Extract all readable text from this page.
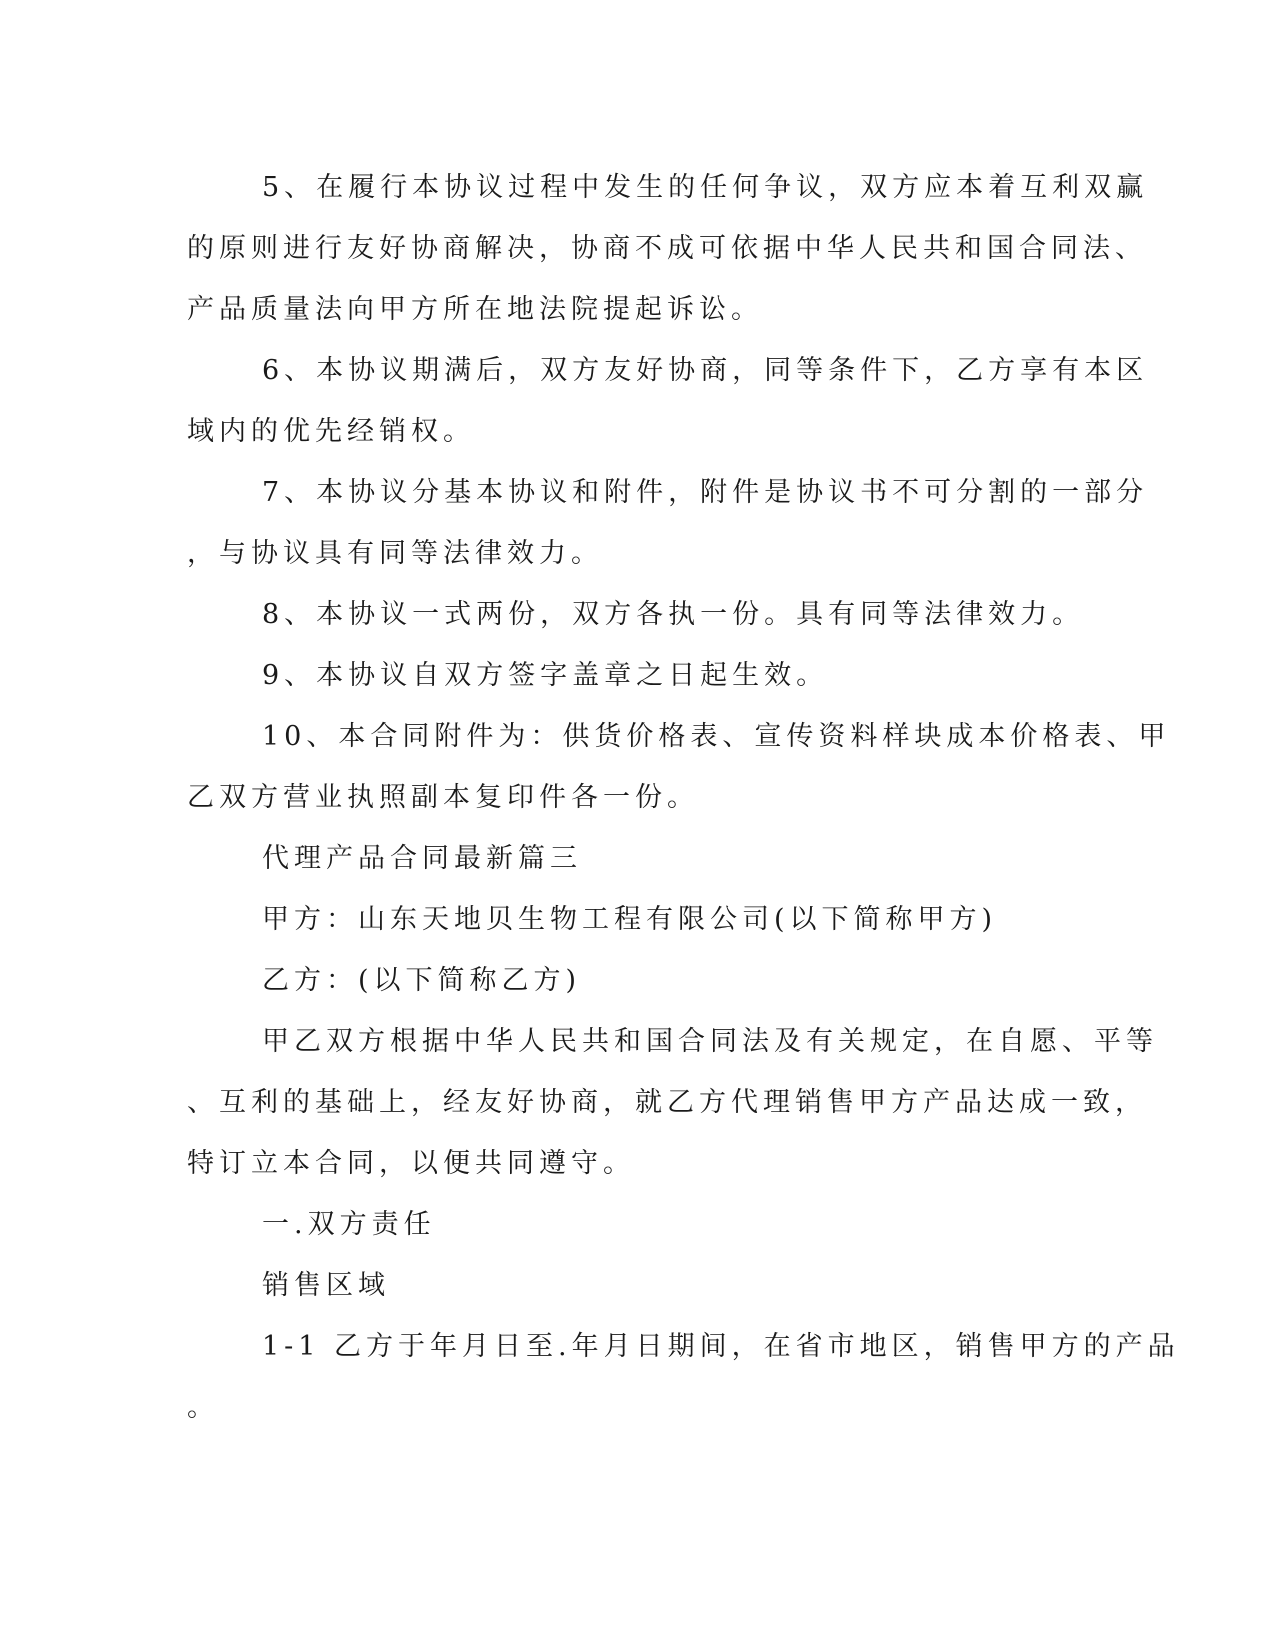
5、在履行本协议过程中发生的任何争议，双方应本着互利双赢

的原则进行友好协商解决，协商不成可依据中华人民共和国合同法、

产品质量法向甲方所在地法院提起诉讼。

6、本协议期满后，双方友好协商，同等条件下，乙方享有本区

域内的优先经销权。

7、本协议分基本协议和附件，附件是协议书不可分割的一部分

，与协议具有同等法律效力。

8、本协议一式两份，双方各执一份。具有同等法律效力。

9、本协议自双方签字盖章之日起生效。

10、本合同附件为：供货价格表、宣传资料样块成本价格表、甲

乙双方营业执照副本复印件各一份。

代理产品合同最新篇三

甲方：山东天地贝生物工程有限公司(以下简称甲方)

乙方：(以下简称乙方)

甲乙双方根据中华人民共和国合同法及有关规定，在自愿、平等

、互利的基础上，经友好协商，就乙方代理销售甲方产品达成一致，

特订立本合同，以便共同遵守。

一.双方责任

销售区域

1-1 乙方于年月日至.年月日期间，在省市地区，销售甲方的产品

。
